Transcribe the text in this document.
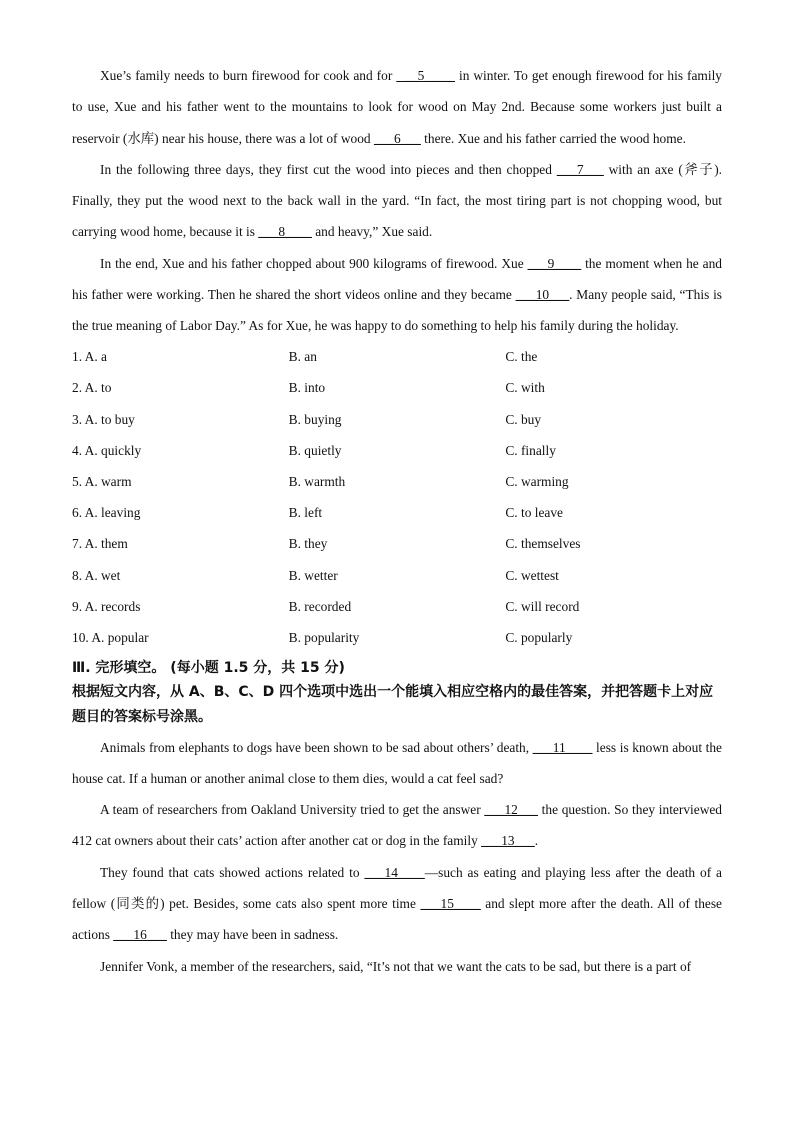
Xue’s family needs to burn firewood for cook and for   __5____  in winter. To get enough firewood for his family to use, Xue and his father went to the mountains to look for wood on May 2nd. Because some workers just built a reservoir (水库) near his house, there was a lot of wood ___6___ there. Xue and his father carried the wood home.

In the following three days, they first cut the wood into pieces and then chopped ___7___ with an axe (斧子). Finally, they put the wood next to the back wall in the yard. “In fact, the most tiring part is not chopping wood, but carrying wood home, because it is ___8____ and heavy,” Xue said.

In the end, Xue and his father chopped about 900 kilograms of firewood. Xue ___9____ the moment when he and his father were working. Then he shared the short videos online and they became ___10___. Many people said, “This is the true meaning of Labor Day.” As for Xue, he was happy to do something to help his family during the holiday.

1. A. a	B. an	C. the
2. A. to	B. into	C. with
3. A. to buy	B. buying	C. buy
4. A. quickly	B. quietly	C. finally
5. A. warm	B. warmth	C. warming
6. A. leaving	B. left	C. to leave
7. A. them	B. they	C. themselves
8. A. wet	B. wetter	C. wettest
9. A. records	B. recorded	C. will record
10. A. popular	B. popularity	C. popularly
Ⅲ. 完形填空。 (每小题 1.5 分，共 15 分)
根据短文内容，从 A、B、C、D 四个选项中选出一个能填入相应空格内的最佳答案，并把答题卡上对应题目的答案标号涂黑。

Animals from elephants to dogs have been shown to be sad about others’ death, ___11____ less is known about the house cat. If a human or another animal close to them dies, would a cat feel sad?

A team of researchers from Oakland University tried to get the answer ___12___ the question. So they interviewed 412 cat owners about their cats’ action after another cat or dog in the family ___13___.

They found that cats showed actions related to ___14____—such as eating and playing less after the death of a fellow (同类的) pet. Besides, some cats also spent more time ___15____ and slept more after the death. All of these actions ___16___ they may have been in sadness.

Jennifer Vonk, a member of the researchers, said, “It’s not that we want the cats to be sad, but there is a part of
